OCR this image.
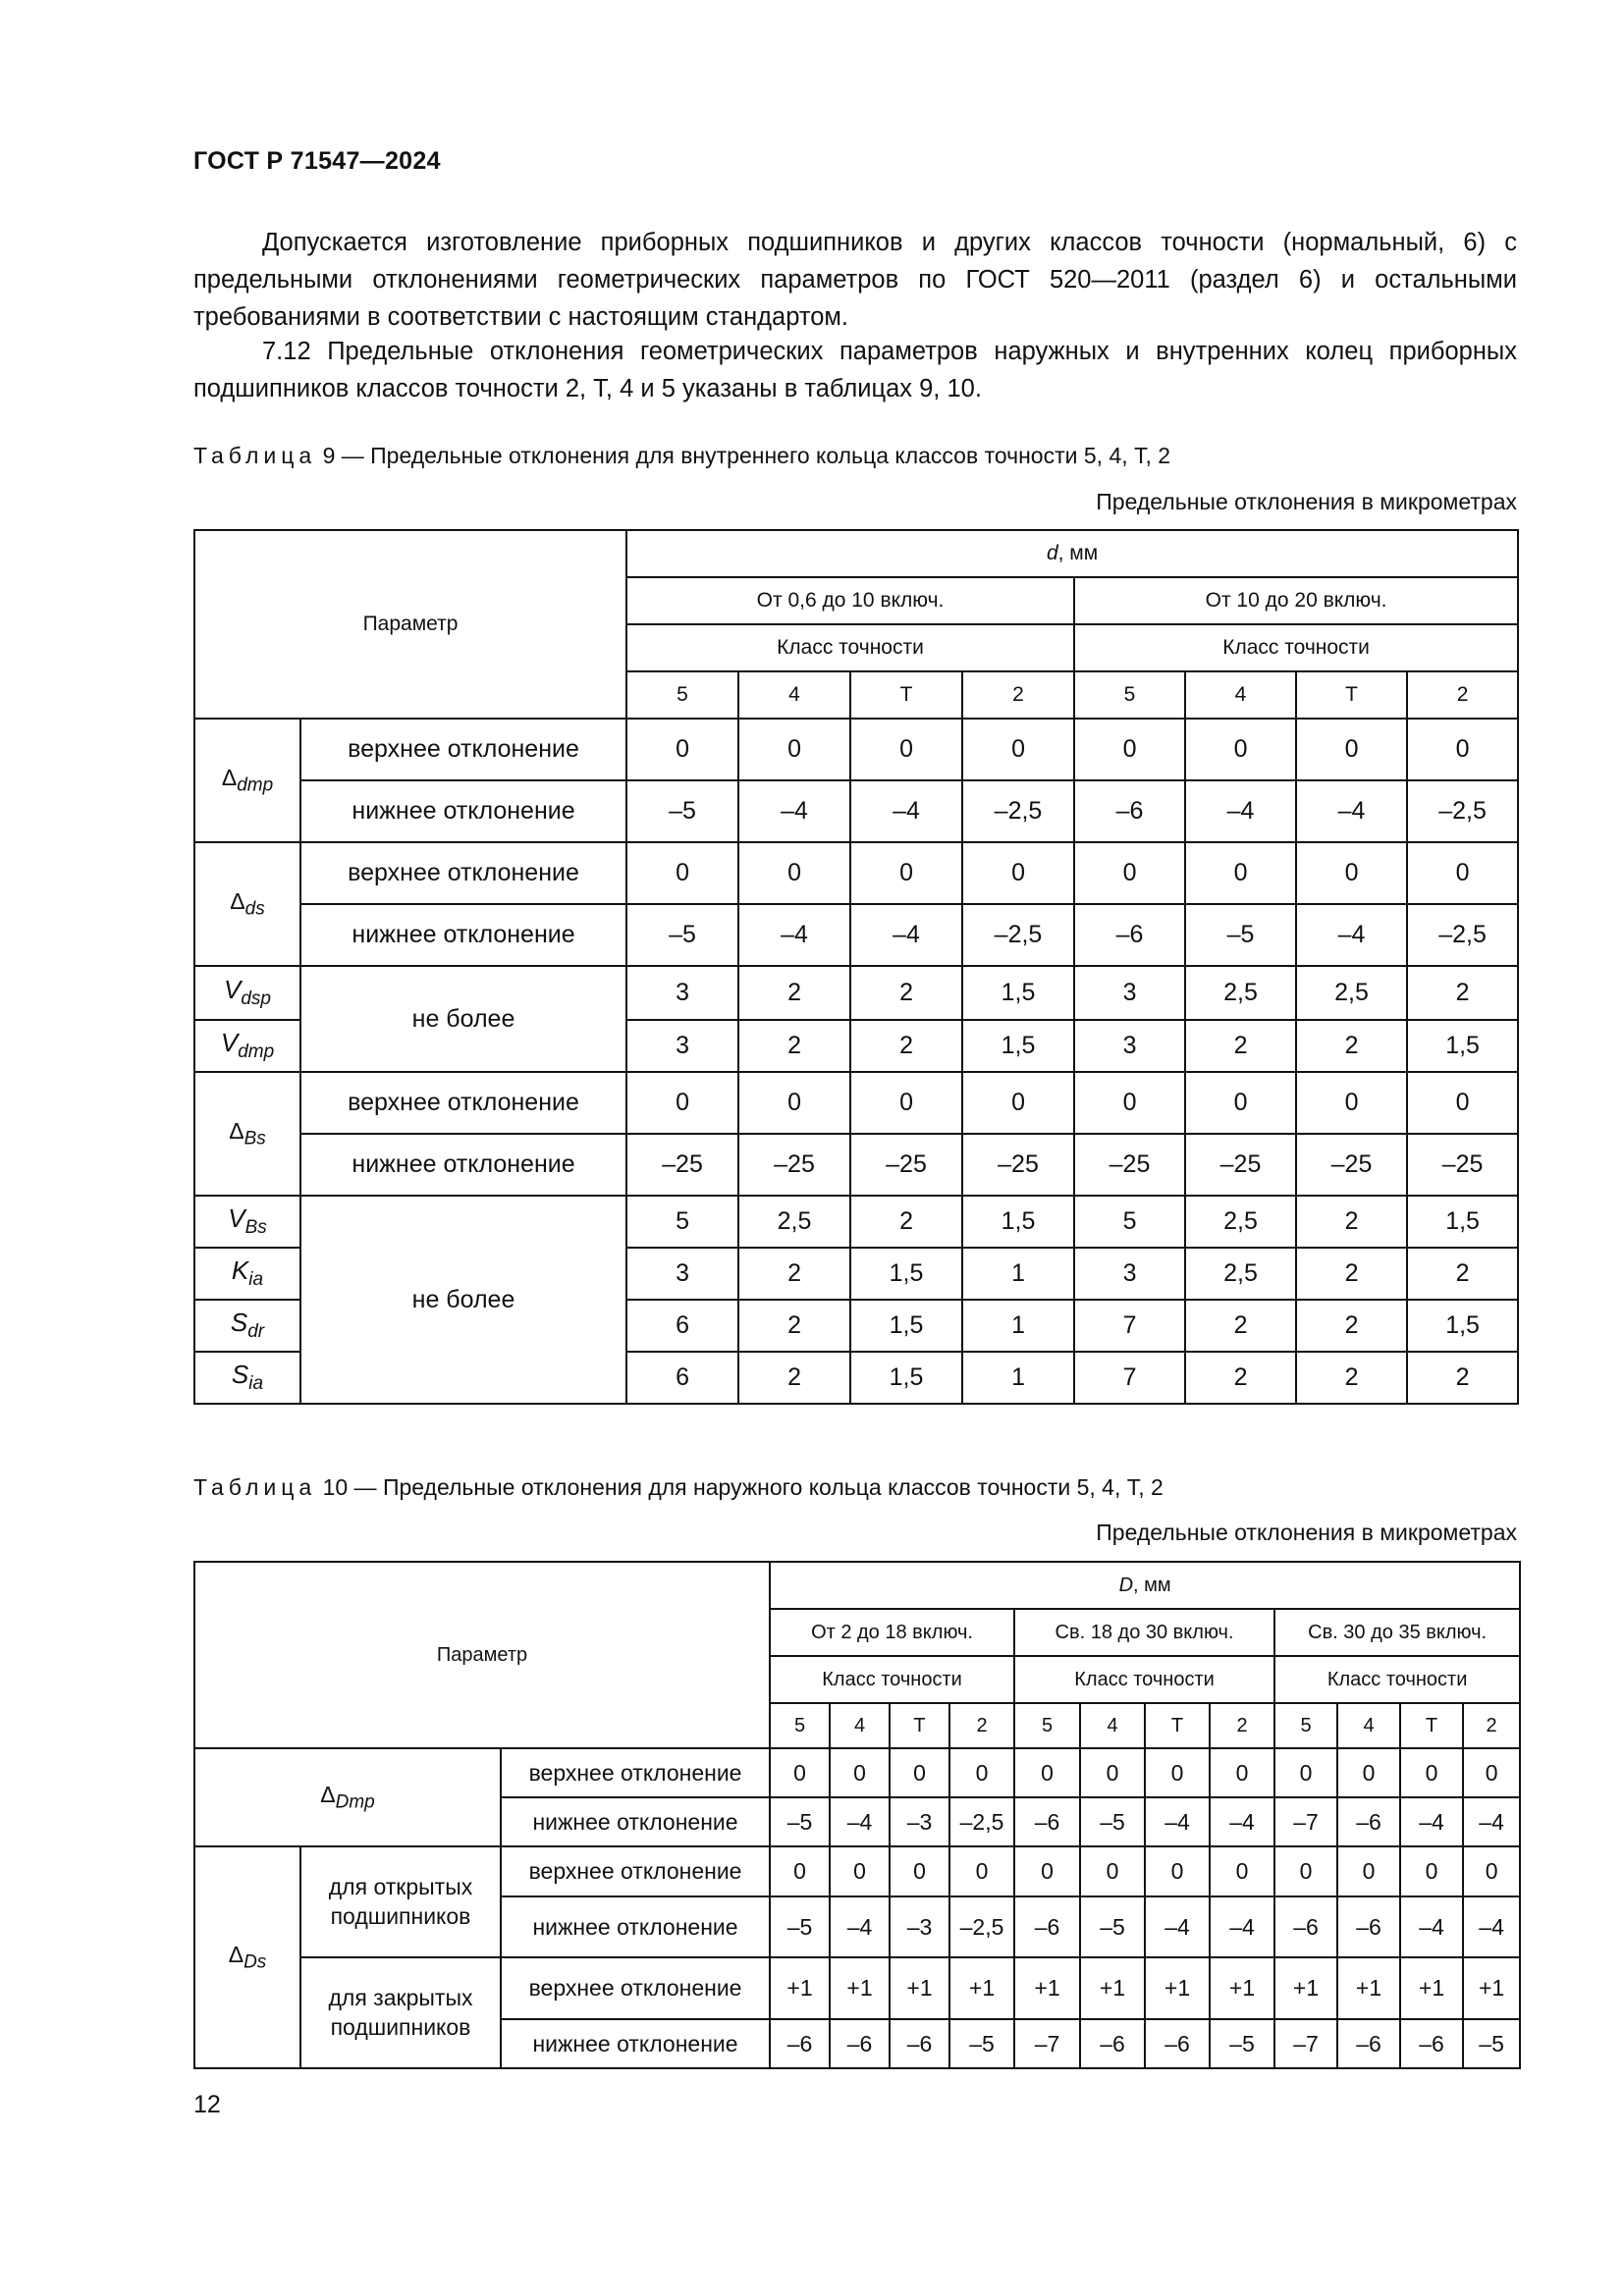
ГОСТ Р 71547—2024
Допускается изготовление приборных подшипников и других классов точности (нормальный, 6) с предельными отклонениями геометрических параметров по ГОСТ 520—2011 (раздел 6) и остальными требованиями в соответствии с настоящим стандартом.
7.12 Предельные отклонения геометрических параметров наружных и внутренних колец приборных подшипников классов точности 2, Т, 4 и 5 указаны в таблицах 9, 10.
Таблица 9 — Предельные отклонения для внутреннего кольца классов точности 5, 4, Т, 2
Предельные отклонения в микрометрах
Параметр		d, мм							
		От 0,6 до 10 включ.				От 10 до 20 включ.			
		Класс точности				Класс точности			
		5	4	Т	2	5	4	Т	2
$\Delta_{dmp}$	верхнее отклонение	0	0	0	0	0	0	0	0
	нижнее отклонение	–5	–4	–4	–2,5	–6	–4	–4	–2,5
$\Delta_{ds}$	верхнее отклонение	0	0	0	0	0	0	0	0
	нижнее отклонение	–5	–4	–4	–2,5	–6	–5	–4	–2,5
$V_{dsp}$	не более	3	2	2	1,5	3	2,5	2,5	2
$V_{dmp}$		3	2	2	1,5	3	2	2	1,5
$\Delta_{Bs}$	верхнее отклонение	0	0	0	0	0	0	0	0
	нижнее отклонение	–25	–25	–25	–25	–25	–25	–25	–25
$V_{Bs}$	не более	5	2,5	2	1,5	5	2,5	2	1,5
$K_{ia}$		3	2	1,5	1	3	2,5	2	2
$S_{dr}$		6	2	1,5	1	7	2	2	1,5
$S_{ia}$		6	2	1,5	1	7	2	2	2
Таблица 10 — Предельные отклонения для наружного кольца классов точности 5, 4, Т, 2
Предельные отклонения в микрометрах
Параметр			D, мм											
			От 2 до 18 включ.				Св. 18 до 30 включ.				Св. 30 до 35 включ.			
			Класс точности				Класс точности				Класс точности			
			5	4	Т	2	5	4	Т	2	5	4	Т	2
$\Delta_{Dmp}$		верхнее отклонение	0	0	0	0	0	0	0	0	0	0	0	0
		нижнее отклонение	–5	–4	–3	–2,5	–6	–5	–4	–4	–7	–6	–4	–4
$\Delta_{Ds}$	для открытых подшипников	верхнее отклонение	0	0	0	0	0	0	0	0	0	0	0	0
		нижнее отклонение	–5	–4	–3	–2,5	–6	–5	–4	–4	–6	–6	–4	–4
	для закрытых подшипников	верхнее отклонение	+1	+1	+1	+1	+1	+1	+1	+1	+1	+1	+1	+1
		нижнее отклонение	–6	–6	–6	–5	–7	–6	–6	–5	–7	–6	–6	–5
12
